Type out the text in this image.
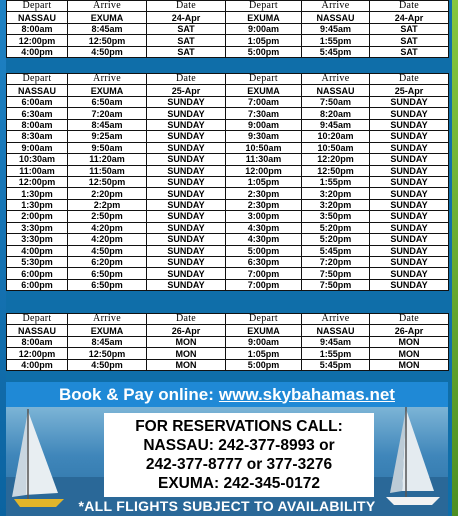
Depart	Arrive	Date	Depart	Arrive	Date
NASSAU	EXUMA	24-Apr	EXUMA	NASSAU	24-Apr
8:00am	8:45am	SAT	9:00am	9:45am	SAT
12:00pm	12:50pm	SAT	1:05pm	1:55pm	SAT
4:00pm	4:50pm	SAT	5:00pm	5:45pm	SAT
Depart	Arrive	Date	Depart	Arrive	Date
NASSAU	EXUMA	25-Apr	EXUMA	NASSAU	25-Apr
6:00am	6:50am	SUNDAY	7:00am	7:50am	SUNDAY
6:30am	7:20am	SUNDAY	7:30am	8:20am	SUNDAY
8:00am	8:45am	SUNDAY	9:00am	9:45am	SUNDAY
8:30am	9:25am	SUNDAY	9:30am	10:20am	SUNDAY
9:00am	9:50am	SUNDAY	10:50am	10:50am	SUNDAY
10:30am	11:20am	SUNDAY	11:30am	12:20pm	SUNDAY
11:00am	11:50am	SUNDAY	12:00pm	12:50pm	SUNDAY
12:00pm	12:50pm	SUNDAY	1:05pm	1:55pm	SUNDAY
1:30pm	2:20pm	SUNDAY	2:30pm	3:20pm	SUNDAY
1:30pm	2:2pm	SUNDAY	2:30pm	3:20pm	SUNDAY
2:00pm	2:50pm	SUNDAY	3:00pm	3:50pm	SUNDAY
3:30pm	4:20pm	SUNDAY	4:30pm	5:20pm	SUNDAY
3:30pm	4:20pm	SUNDAY	4:30pm	5:20pm	SUNDAY
4:00pm	4:50pm	SUNDAY	5:00pm	5:45pm	SUNDAY
5:30pm	6:20pm	SUNDAY	6:30pm	7:20pm	SUNDAY
6:00pm	6:50pm	SUNDAY	7:00pm	7:50pm	SUNDAY
6:00pm	6:50pm	SUNDAY	7:00pm	7:50pm	SUNDAY
Depart	Arrive	Date	Depart	Arrive	Date
NASSAU	EXUMA	26-Apr	EXUMA	NASSAU	26-Apr
8:00am	8:45am	MON	9:00am	9:45am	MON
12:00pm	12:50pm	MON	1:05pm	1:55pm	MON
4:00pm	4:50pm	MON	5:00pm	5:45pm	MON
Book & Pay online: www.skybahamas.net
FOR RESERVATIONS CALL:
NASSAU: 242-377-8993 or
242-377-8777 or 377-3276
EXUMA: 242-345-0172
*ALL FLIGHTS SUBJECT TO AVAILABILITY
